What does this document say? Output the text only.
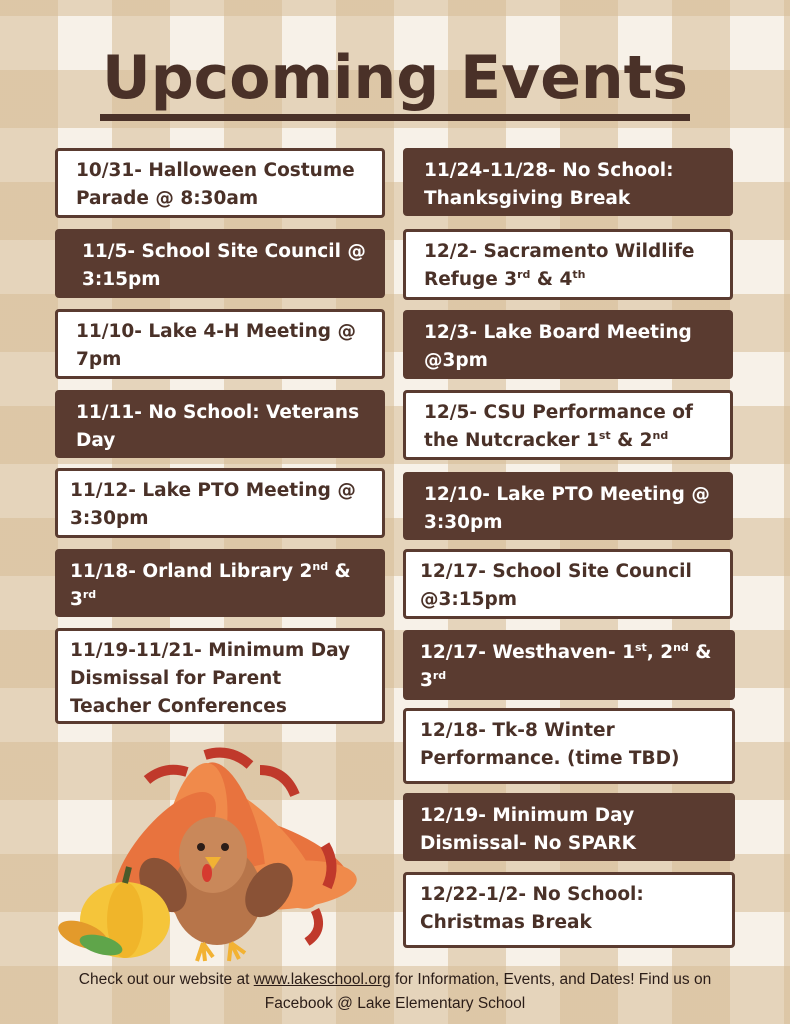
Upcoming Events
10/31- Halloween Costume
Parade @ 8:30am
11/5- School Site Council @
3:15pm
11/10- Lake 4-H Meeting @
7pm
11/11- No School: Veterans
Day
11/12- Lake PTO Meeting @
3:30pm
11/18- Orland Library 2nd &
3rd
11/19-11/21- Minimum Day
Dismissal for Parent
Teacher Conferences
11/24-11/28- No School:
Thanksgiving Break
12/2- Sacramento Wildlife
Refuge 3rd & 4th
12/3- Lake Board Meeting
@3pm
12/5- CSU Performance of
the Nutcracker 1st & 2nd
12/10- Lake PTO Meeting @
3:30pm
12/17- School Site Council
@3:15pm
12/17- Westhaven- 1st, 2nd &
3rd
12/18- Tk-8 Winter
Performance. (time TBD)
12/19- Minimum Day
Dismissal- No SPARK
12/22-1/2- No School:
Christmas Break
Check out our website at www.lakeschool.org for Information, Events, and Dates! Find us on
Facebook @ Lake Elementary School
